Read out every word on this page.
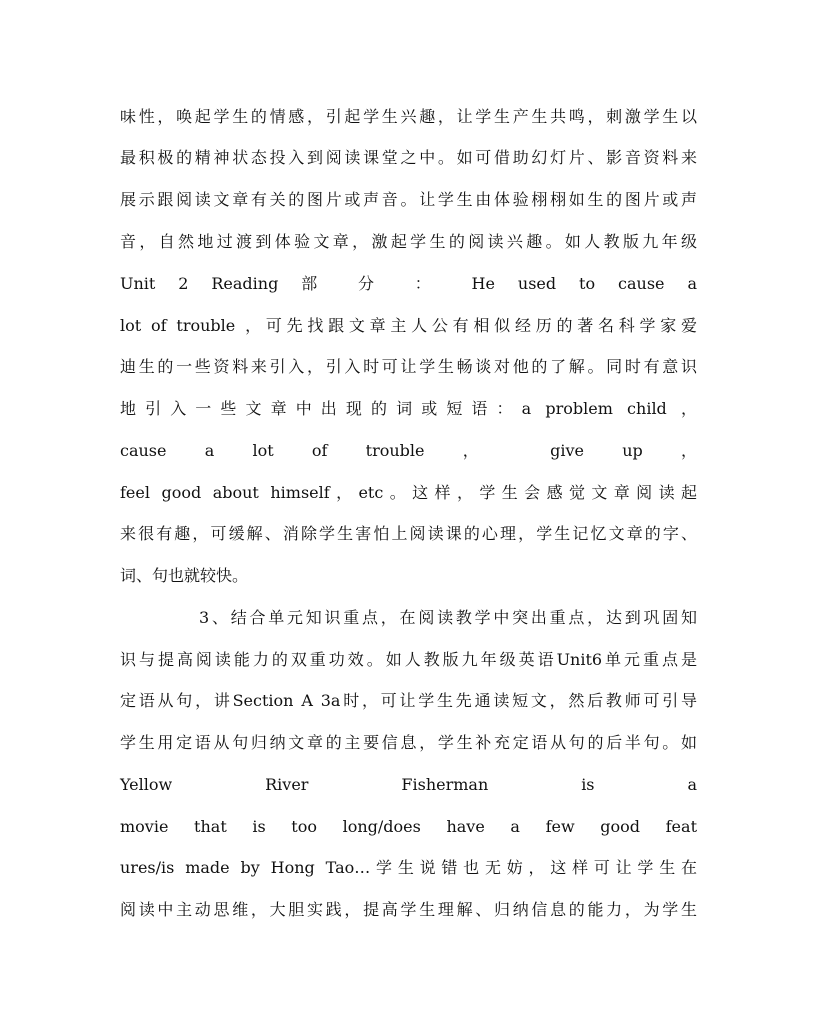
味性，唤起学生的情感，引起学生兴趣，让学生产生共鸣，刺激学生以
最积极的精神状态投入到阅读课堂之中。如可借助幻灯片、影音资料来
展示跟阅读文章有关的图片或声音。让学生由体验栩栩如生的图片或声
音，自然地过渡到体验文章，激起学生的阅读兴趣。如人教版九年级
Unit 2 Reading 部 分 ： He used to cause a
lot of trouble ，可先找跟文章主人公有相似经历的著名科学家爱
迪生的一些资料来引入，引入时可让学生畅谈对他的了解。同时有意识
地引入一些文章中出现的词或短语：a problem child ，
cause a lot of trouble ， give up ，
feel good about himself，etc。这样，学生会感觉文章阅读起
来很有趣，可缓解、消除学生害怕上阅读课的心理，学生记忆文章的字、
词、句也就较快。
3、结合单元知识重点，在阅读教学中突出重点，达到巩固知
识与提高阅读能力的双重功效。如人教版九年级英语Unit6单元重点是
定语从句，讲Section A 3a时，可让学生先通读短文，然后教师可引导
学生用定语从句归纳文章的主要信息，学生补充定语从句的后半句。如
Yellow River Fisherman is a
movie that is too long/does have a few good feat
ures/is made by Hong Tao…学生说错也无妨，这样可让学生在
阅读中主动思维，大胆实践，提高学生理解、归纳信息的能力，为学生
